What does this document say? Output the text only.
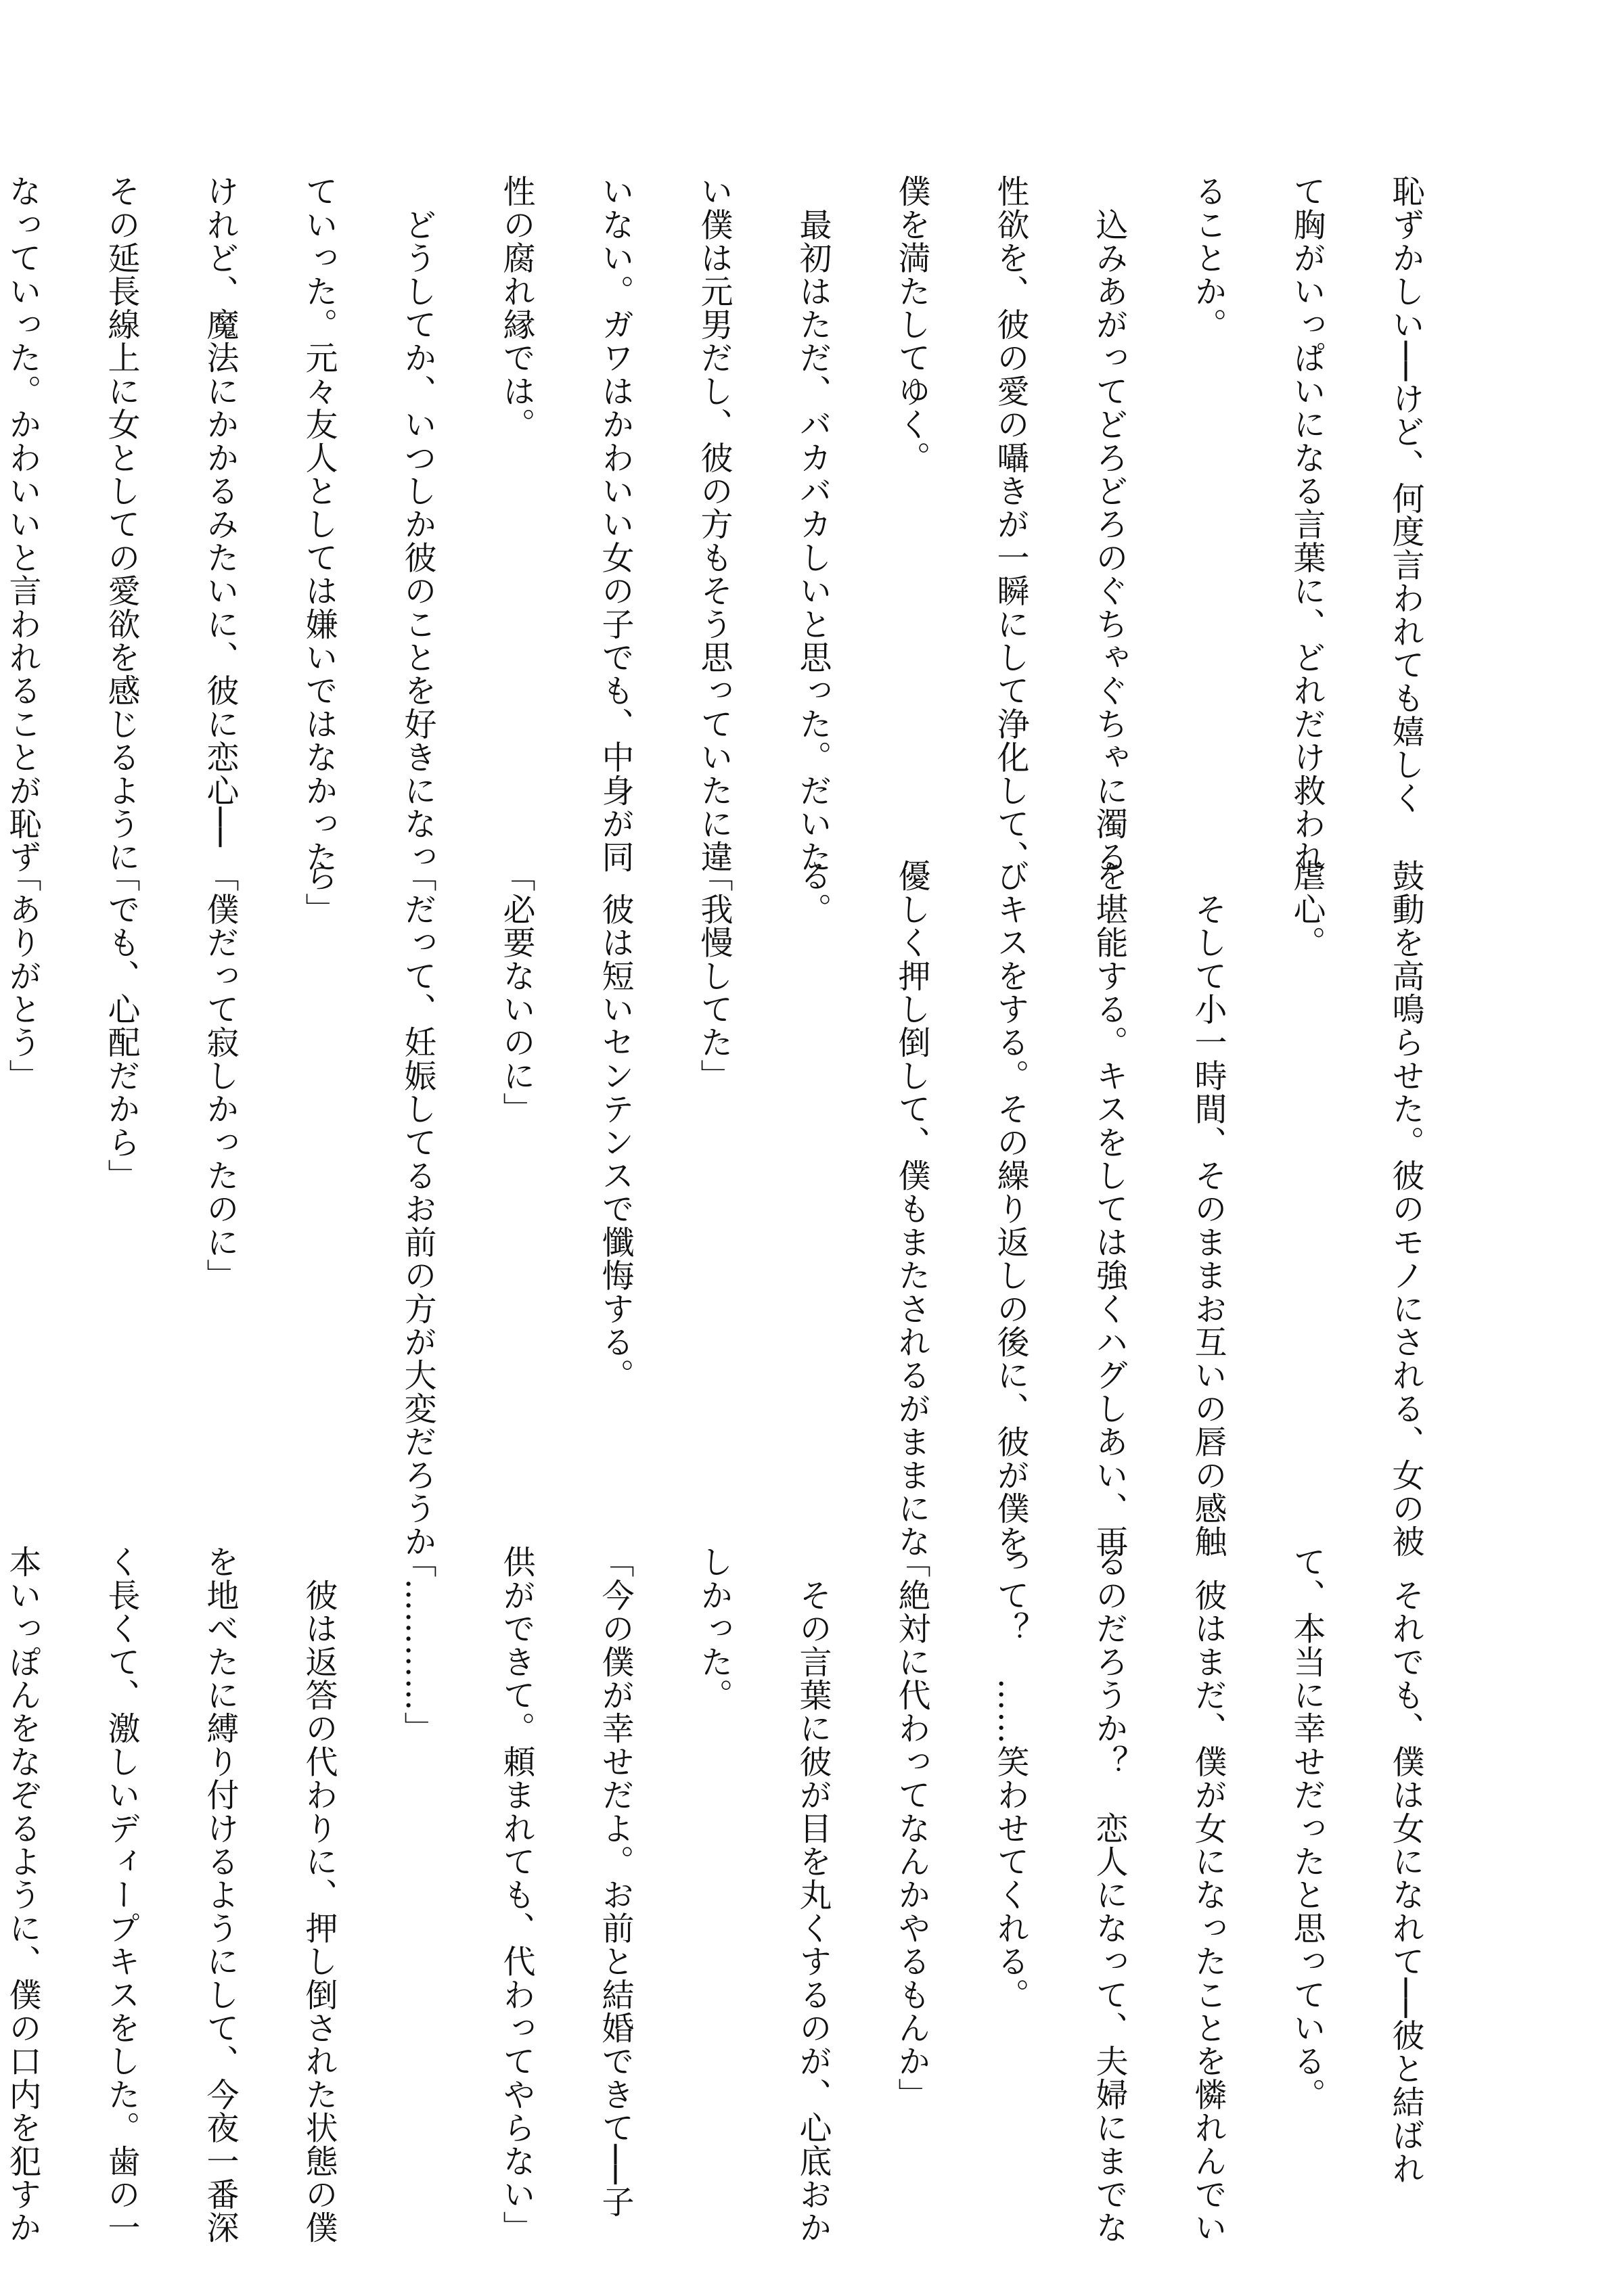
恥ずかしい──けど、何度言われても嬉しく
て胸がいっぱいになる言葉に、どれだけ救われ
ることか。
　込みあがってどろどろのぐちゃぐちゃに濁る
性欲を、彼の愛の囁きが一瞬にして浄化して、
僕を満たしてゆく。
　最初はただ、バカバカしいと思った。だいた
い僕は元男だし、彼の方もそう思っていたに違
いない。ガワはかわいい女の子でも、中身が同
性の腐れ縁では。
　どうしてか、いつしか彼のことを好きになっ
ていった。元々友人としては嫌いではなかった
けれど、魔法にかかるみたいに、彼に恋心──
その延長線上に女としての愛欲を感じるように
なっていった。かわいいと言われることが恥ず
鼓動を高鳴らせた。彼のモノにされる、女の被
虐心。
　そして小一時間、そのままお互いの唇の感触
を堪能する。キスをしては強くハグしあい、再
びキスをする。その繰り返しの後に、彼が僕を
優しく押し倒して、僕もまたされるがままにな
る。
「我慢してた」
　彼は短いセンテンスで懺悔する。
「必要ないのに」
「だって、妊娠してるお前の方が大変だろうか
ら」
「僕だって寂しかったのに」
「でも、心配だから」
「ありがとう」
　それでも、僕は女になれて──彼と結ばれ
て、本当に幸せだったと思っている。
　彼はまだ、僕が女になったことを憐れんでい
るのだろうか？　恋人になって、夫婦にまでな
って？　……笑わせてくれる。
「絶対に代わってなんかやるもんか」
　その言葉に彼が目を丸くするのが、心底おか
しかった。
「今の僕が幸せだよ。お前と結婚できて──子
供ができて。頼まれても、代わってやらない」
「…………」
　彼は返答の代わりに、押し倒された状態の僕
を地べたに縛り付けるようにして、今夜一番深
く長くて、激しいディープキスをした。歯の一
本いっぽんをなぞるように、僕の口内を犯すか
